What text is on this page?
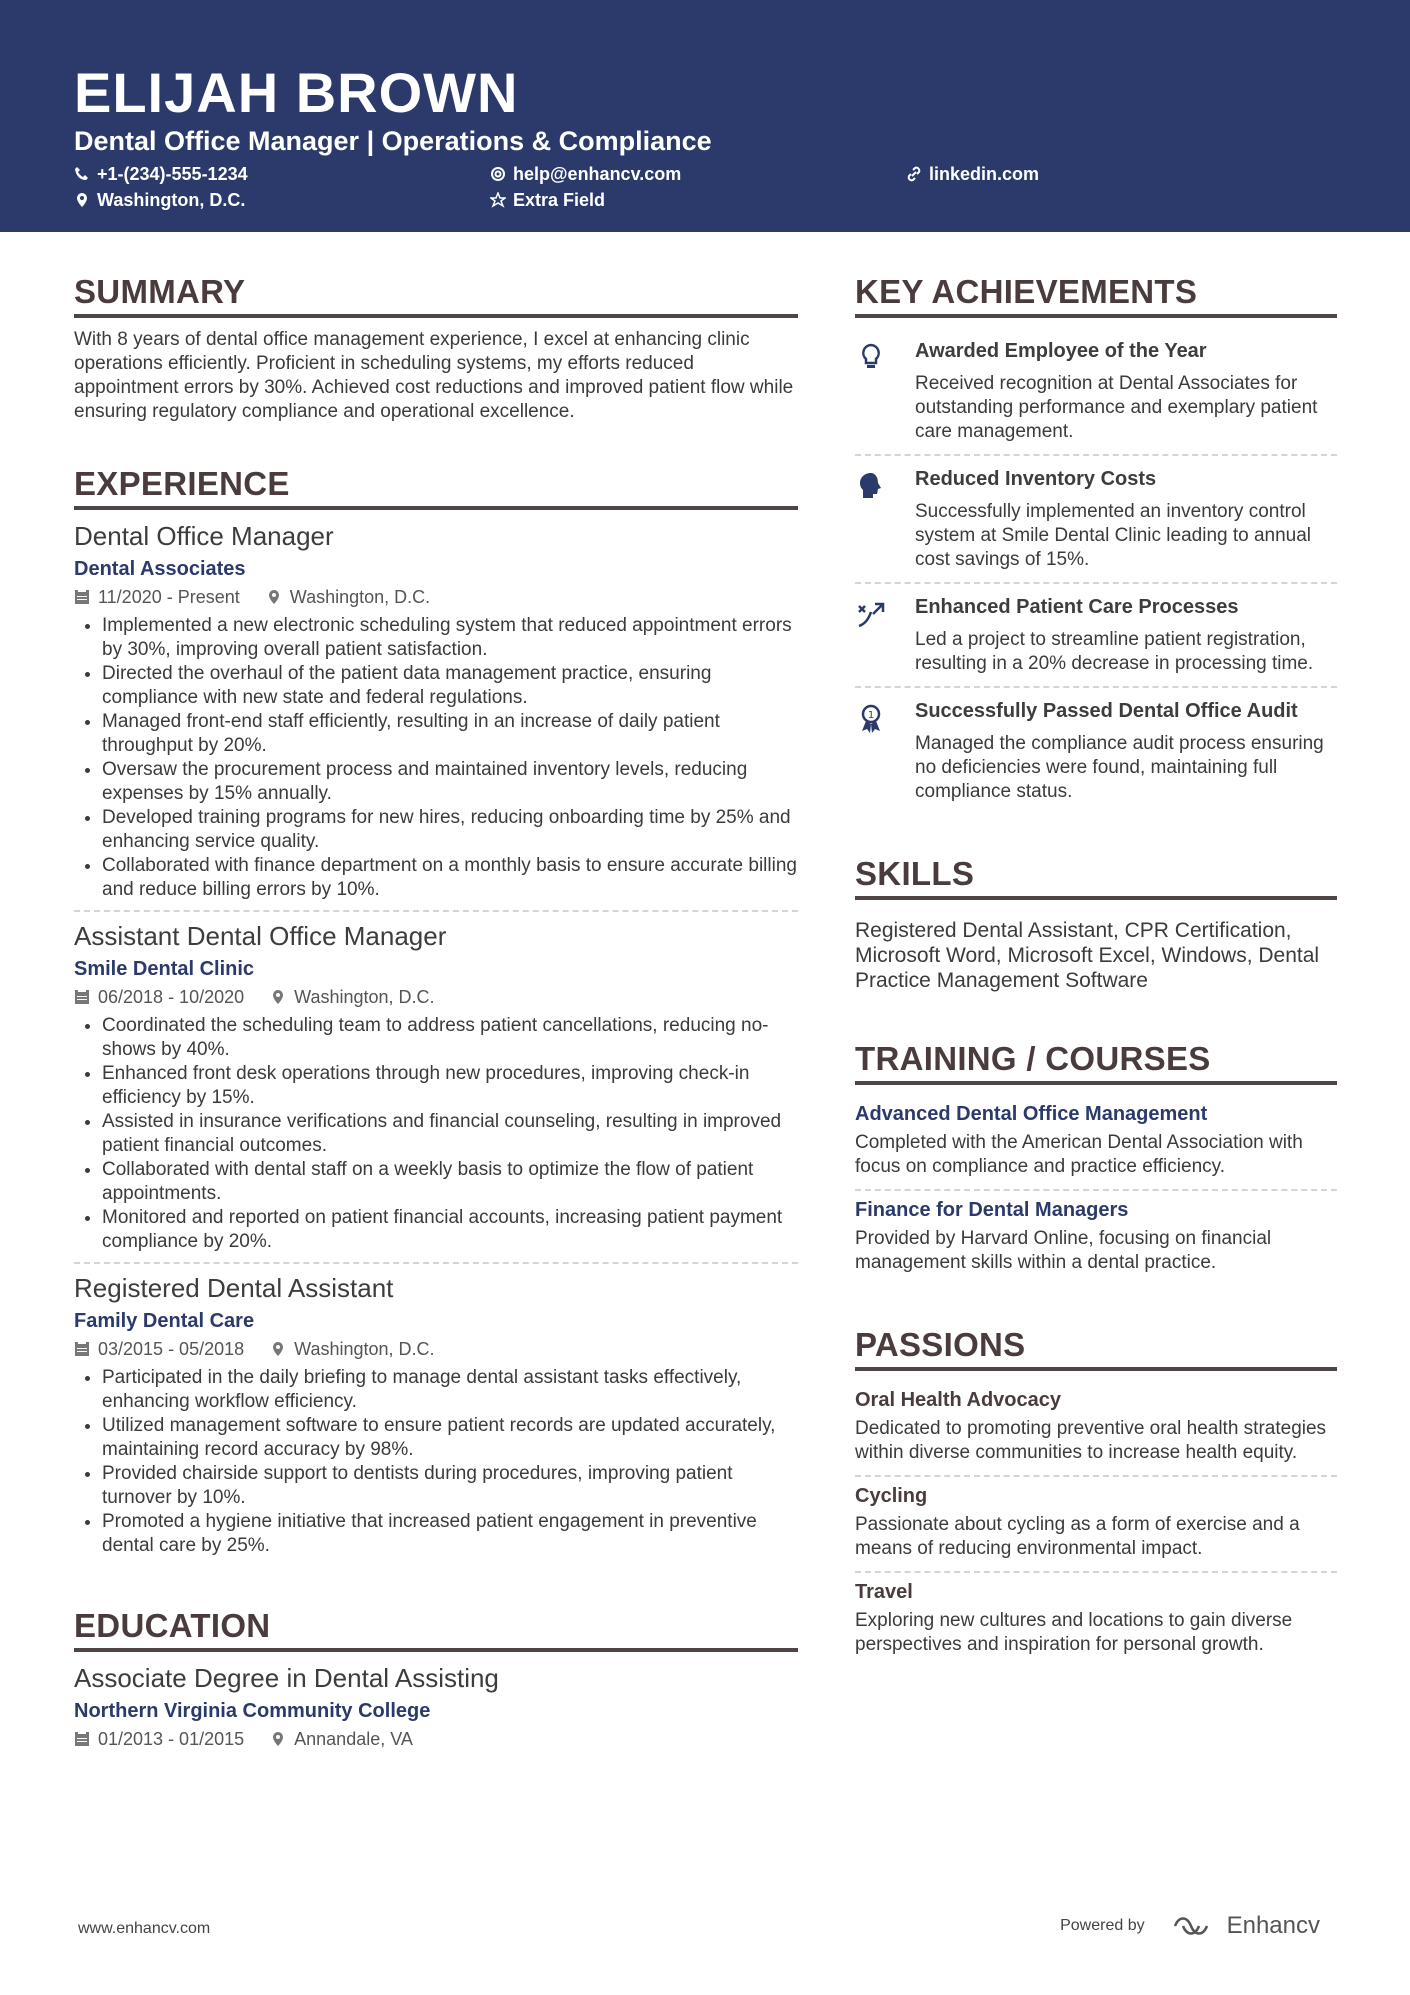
ELIJAH BROWN
Dental Office Manager | Operations & Compliance
+1-(234)-555-1234	help@enhancv.com	linkedin.com
Washington, D.C.	Extra Field
SUMMARY

With 8 years of dental office management experience, I excel at enhancing clinic operations efficiently. Proficient in scheduling systems, my efforts reduced appointment errors by 30%. Achieved cost reductions and improved patient flow while ensuring regulatory compliance and operational excellence.

EXPERIENCE
Dental Office Manager
Dental Associates
11/2020 - Present	Washington, D.C.
• Implemented a new electronic scheduling system that reduced appointment errors by 30%, improving overall patient satisfaction.
• Directed the overhaul of the patient data management practice, ensuring compliance with new state and federal regulations.
• Managed front-end staff efficiently, resulting in an increase of daily patient throughput by 20%.
• Oversaw the procurement process and maintained inventory levels, reducing expenses by 15% annually.
• Developed training programs for new hires, reducing onboarding time by 25% and enhancing service quality.
• Collaborated with finance department on a monthly basis to ensure accurate billing and reduce billing errors by 10%.
Assistant Dental Office Manager
Smile Dental Clinic
06/2018 - 10/2020	Washington, D.C.
• Coordinated the scheduling team to address patient cancellations, reducing no-shows by 40%.
• Enhanced front desk operations through new procedures, improving check-in efficiency by 15%.
• Assisted in insurance verifications and financial counseling, resulting in improved patient financial outcomes.
• Collaborated with dental staff on a weekly basis to optimize the flow of patient appointments.
• Monitored and reported on patient financial accounts, increasing patient payment compliance by 20%.
Registered Dental Assistant
Family Dental Care
03/2015 - 05/2018	Washington, D.C.
• Participated in the daily briefing to manage dental assistant tasks effectively, enhancing workflow efficiency.
• Utilized management software to ensure patient records are updated accurately, maintaining record accuracy by 98%.
• Provided chairside support to dentists during procedures, improving patient turnover by 10%.
• Promoted a hygiene initiative that increased patient engagement in preventive dental care by 25%.
EDUCATION
Associate Degree in Dental Assisting
Northern Virginia Community College
01/2013 - 01/2015	Annandale, VA
KEY ACHIEVEMENTS
Awarded Employee of the Year
Received recognition at Dental Associates for outstanding performance and exemplary patient care management.
Reduced Inventory Costs
Successfully implemented an inventory control system at Smile Dental Clinic leading to annual cost savings of 15%.
Enhanced Patient Care Processes
Led a project to streamline patient registration, resulting in a 20% decrease in processing time.
1 Successfully Passed Dental Office Audit
Managed the compliance audit process ensuring no deficiencies were found, maintaining full compliance status.
SKILLS

Registered Dental Assistant, CPR Certification, Microsoft Word, Microsoft Excel, Windows, Dental Practice Management Software

TRAINING / COURSES
Advanced Dental Office Management
Completed with the American Dental Association with focus on compliance and practice efficiency.
Finance for Dental Managers
Provided by Harvard Online, focusing on financial management skills within a dental practice.
PASSIONS
Oral Health Advocacy
Dedicated to promoting preventive oral health strategies within diverse communities to increase health equity.
Cycling
Passionate about cycling as a form of exercise and a means of reducing environmental impact.
Travel
Exploring new cultures and locations to gain diverse perspectives and inspiration for personal growth.
www.enhancv.com	Powered by	Enhancv
